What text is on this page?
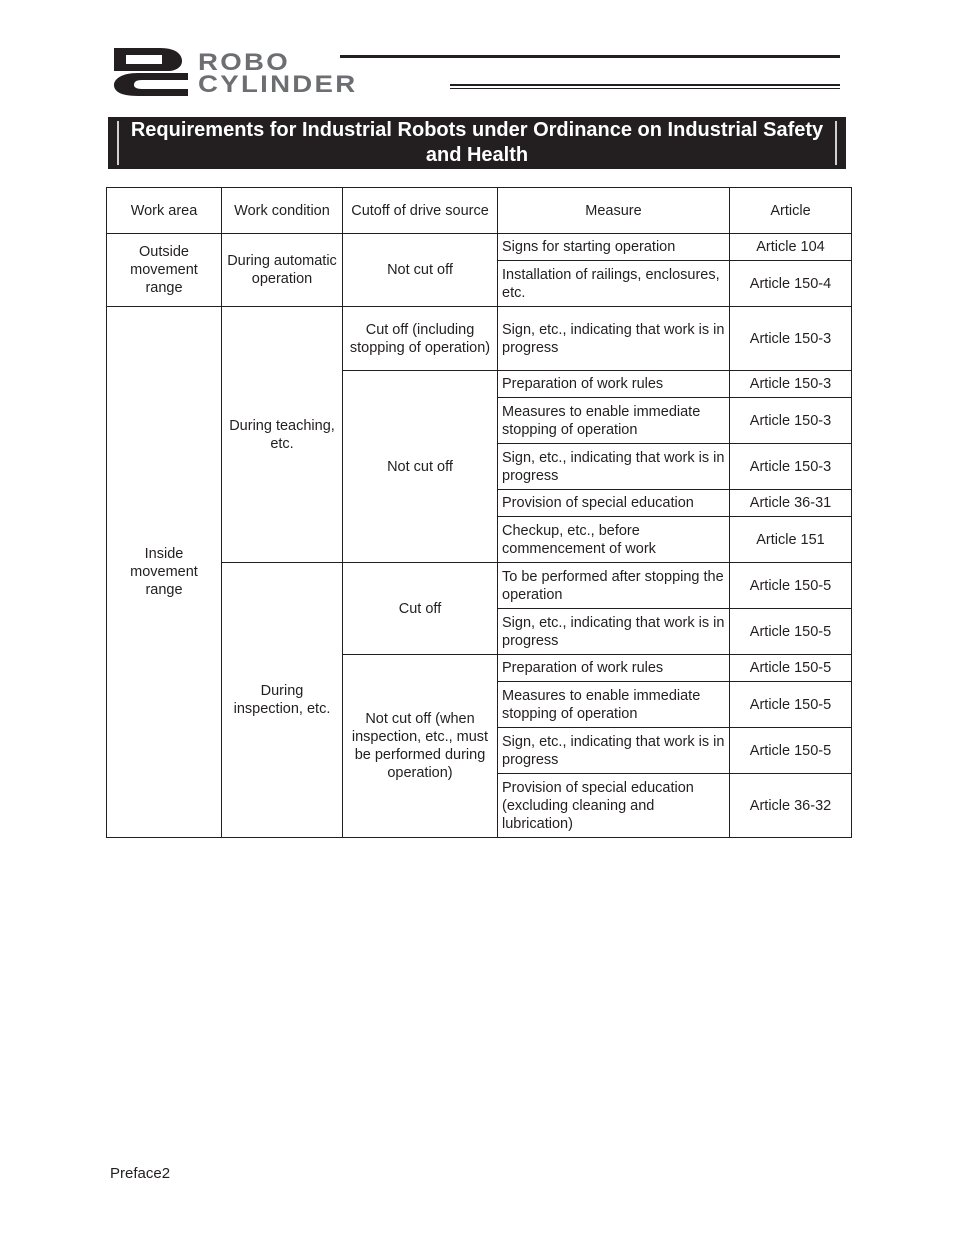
ROBO
CYLINDER
Requirements for Industrial Robots under Ordinance on Industrial Safety and Health
Work area	Work condition	Cutoff of drive source	Measure	Article
Outside movement range	During automatic operation	Not cut off	Signs for starting operation	Article 104
			Installation of railings, enclosures, etc.	Article 150-4
Inside movement range	During teaching, etc.	Cut off (including stopping of operation)	Sign, etc., indicating that work is in progress	Article 150-3
		Not cut off	Preparation of work rules	Article 150-3
			Measures to enable immediate stopping of operation	Article 150-3
			Sign, etc., indicating that work is in progress	Article 150-3
			Provision of special education	Article 36-31
			Checkup, etc., before commencement of work	Article 151
	During inspection, etc.	Cut off	To be performed after stopping the operation	Article 150-5
			Sign, etc., indicating that work is in progress	Article 150-5
		Not cut off (when inspection, etc., must be performed during operation)	Preparation of work rules	Article 150-5
			Measures to enable immediate stopping of operation	Article 150-5
			Sign, etc., indicating that work is in progress	Article 150-5
			Provision of special education (excluding cleaning and lubrication)	Article 36-32
Preface2
